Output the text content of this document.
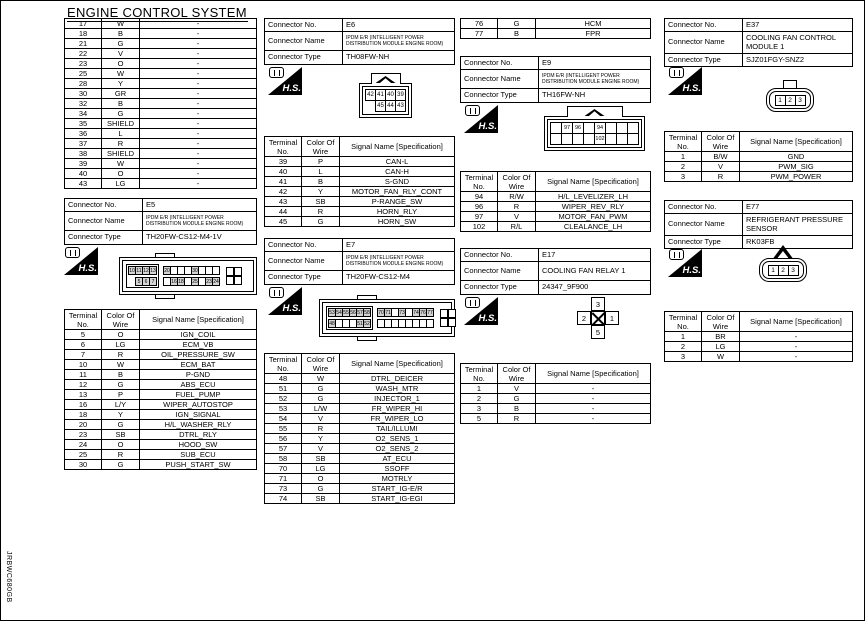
ENGINE CONTROL SYSTEM
17	W	-
18	B	-
21	G	-
22	V	-
23	O	-
25	W	-
28	Y	-
30	GR	-
32	B	-
34	G	-
35	SHIELD	-
36	L	-
37	R	-
38	SHIELD	-
39	W	-
40	O	-
43	LG	-
Connector No.	E5
Connector Name	IPDM E/R (INTELLIGENT POWER DISTRIBUTION MODULE ENGINE ROOM)
Connector Type	TH20FW-CS12-M4-1V
H.S.	10 11 12 13
5 6 7
20	30
16 18 25 23 24
Terminal
No.	Color Of
Wire	Signal Name [Specification]
5	O	IGN_COIL
6	LG	ECM_VB
7	R	OIL_PRESSURE_SW
10	W	ECM_BAT
11	B	P-GND
12	G	ABS_ECU
13	P	FUEL_PUMP
16	L/Y	WIPER_AUTOSTOP
18	Y	IGN_SIGNAL
20	G	H/L_WASHER_RLY
23	SB	DTRL_RLY
24	O	HOOD_SW
25	R	SUB_ECU
30	G	PUSH_START_SW
Connector No.	E6
Connector Name	IPDM E/R (INTELLIGENT POWER DISTRIBUTION MODULE ENGINE ROOM)
Connector Type	TH08FW-NH
H.S.
42 41 40 39
45 44 43
Terminal
No.	Color Of
Wire	Signal Name [Specification]
39	P	CAN-L
40	L	CAN-H
41	B	S-GND
42	Y	MOTOR_FAN_RLY_CONT
43	SB	P-RANGE_SW
44	R	HORN_RLY
45	G	HORN_SW
Connector No.	E7
Connector Name	IPDM E/R (INTELLIGENT POWER DISTRIBUTION MODULE ENGINE ROOM)
Connector Type	TH20FW-CS12-M4
H.S.	53 54 55 56 57 58
48	51 52
70 71 73 74 76 77
Terminal
No.	Color Of
Wire	Signal Name [Specification]
48	W	DTRL_DEICER
51	G	WASH_MTR
52	G	INJECTOR_1
53	L/W	FR_WIPER_HI
54	V	FR_WIPER_LO
55	R	TAIL/ILLUMI
56	Y	O2_SENS_1
57	V	O2_SENS_2
58	SB	AT_ECU
70	LG	SSOFF
71	O	MOTRLY
73	G	START_IG-E/R
74	SB	START_IG-EGI
76	G	HCM
77	B	FPR
Connector No.	E9
Connector Name	IPDM E/R (INTELLIGENT POWER DISTRIBUTION MODULE ENGINE ROOM)
Connector Type	TH16FW-NH
H.S.	97 96	94
102
Terminal
No.	Color Of
Wire	Signal Name [Specification]
94	R/W	H/L_LEVELIZER_LH
96	R	WIPER_REV_RLY
97	V	MOTOR_FAN_PWM
102	R/L	CLEALANCE_LH
Connector No.	E17
Connector Name	COOLING FAN RELAY 1
Connector Type	24347_9F900
H.S.
3
2	1
5
Terminal
No.	Color Of
Wire	Signal Name [Specification]
1	V	-
2	G	-
3	B	-
5	R	-
Connector No.	E37
Connector Name	COOLING FAN CONTROL MODULE 1
Connector Type	SJZ01FGY-SNZ2
H.S.
1 2 3
Terminal
No.	Color Of
Wire	Signal Name [Specification]
1	B/W	GND
2	V	PWM_SIG
3	R	PWM_POWER
Connector No.	E77
Connector Name	REFRIGERANT PRESSURE SENSOR
Connector Type	RK03FB
H.S.	1 2 3
Terminal
No.	Color Of
Wire	Signal Name [Specification]
1	BR	-
2	LG	-
3	W	-
JRBWC680GB
